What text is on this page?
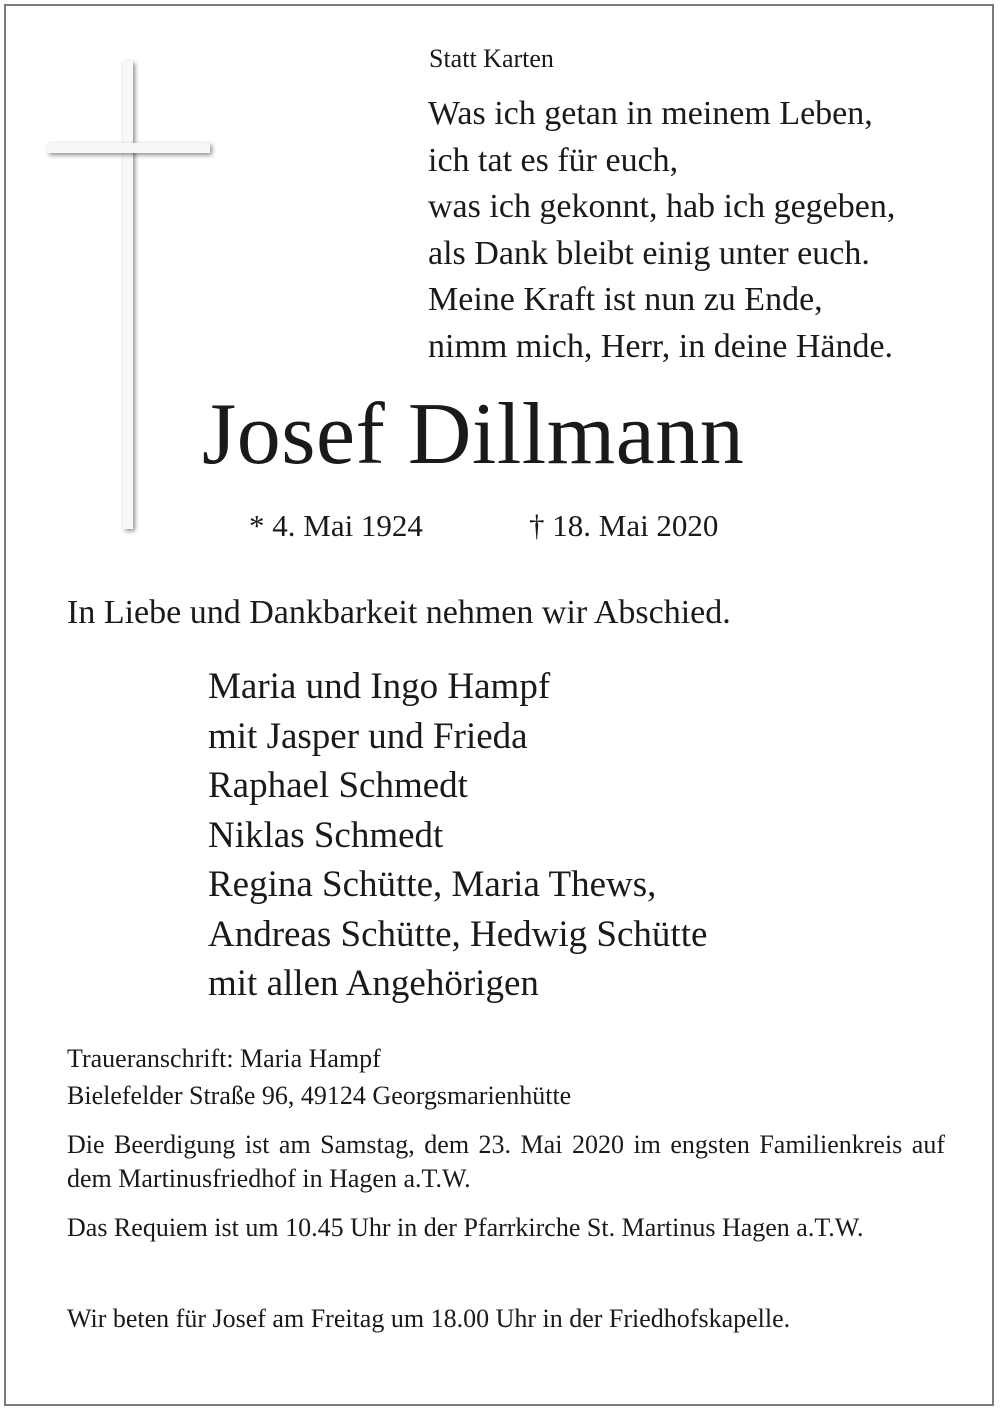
Statt Karten
Was ich getan in meinem Leben,
ich tat es für euch,
was ich gekonnt, hab ich gegeben,
als Dank bleibt einig unter euch.
Meine Kraft ist nun zu Ende,
nimm mich, Herr, in deine Hände.
Josef Dillmann
* 4. Mai 1924	† 18. Mai 2020
In Liebe und Dankbarkeit nehmen wir Abschied.
Maria und Ingo Hampf
mit Jasper und Frieda
Raphael Schmedt
Niklas Schmedt
Regina Schütte, Maria Thews,
Andreas Schütte, Hedwig Schütte
mit allen Angehörigen
Traueranschrift: Maria Hampf
Bielefelder Straße 96, 49124 Georgsmarienhütte
Die Beerdigung ist am Samstag, dem 23. Mai 2020 im engsten Familienkreis auf dem Martinusfriedhof in Hagen a.T.W.
Das Requiem ist um 10.45 Uhr in der Pfarrkirche St. Martinus Hagen a.T.W.
Wir beten für Josef am Freitag um 18.00 Uhr in der Friedhofskapelle.
